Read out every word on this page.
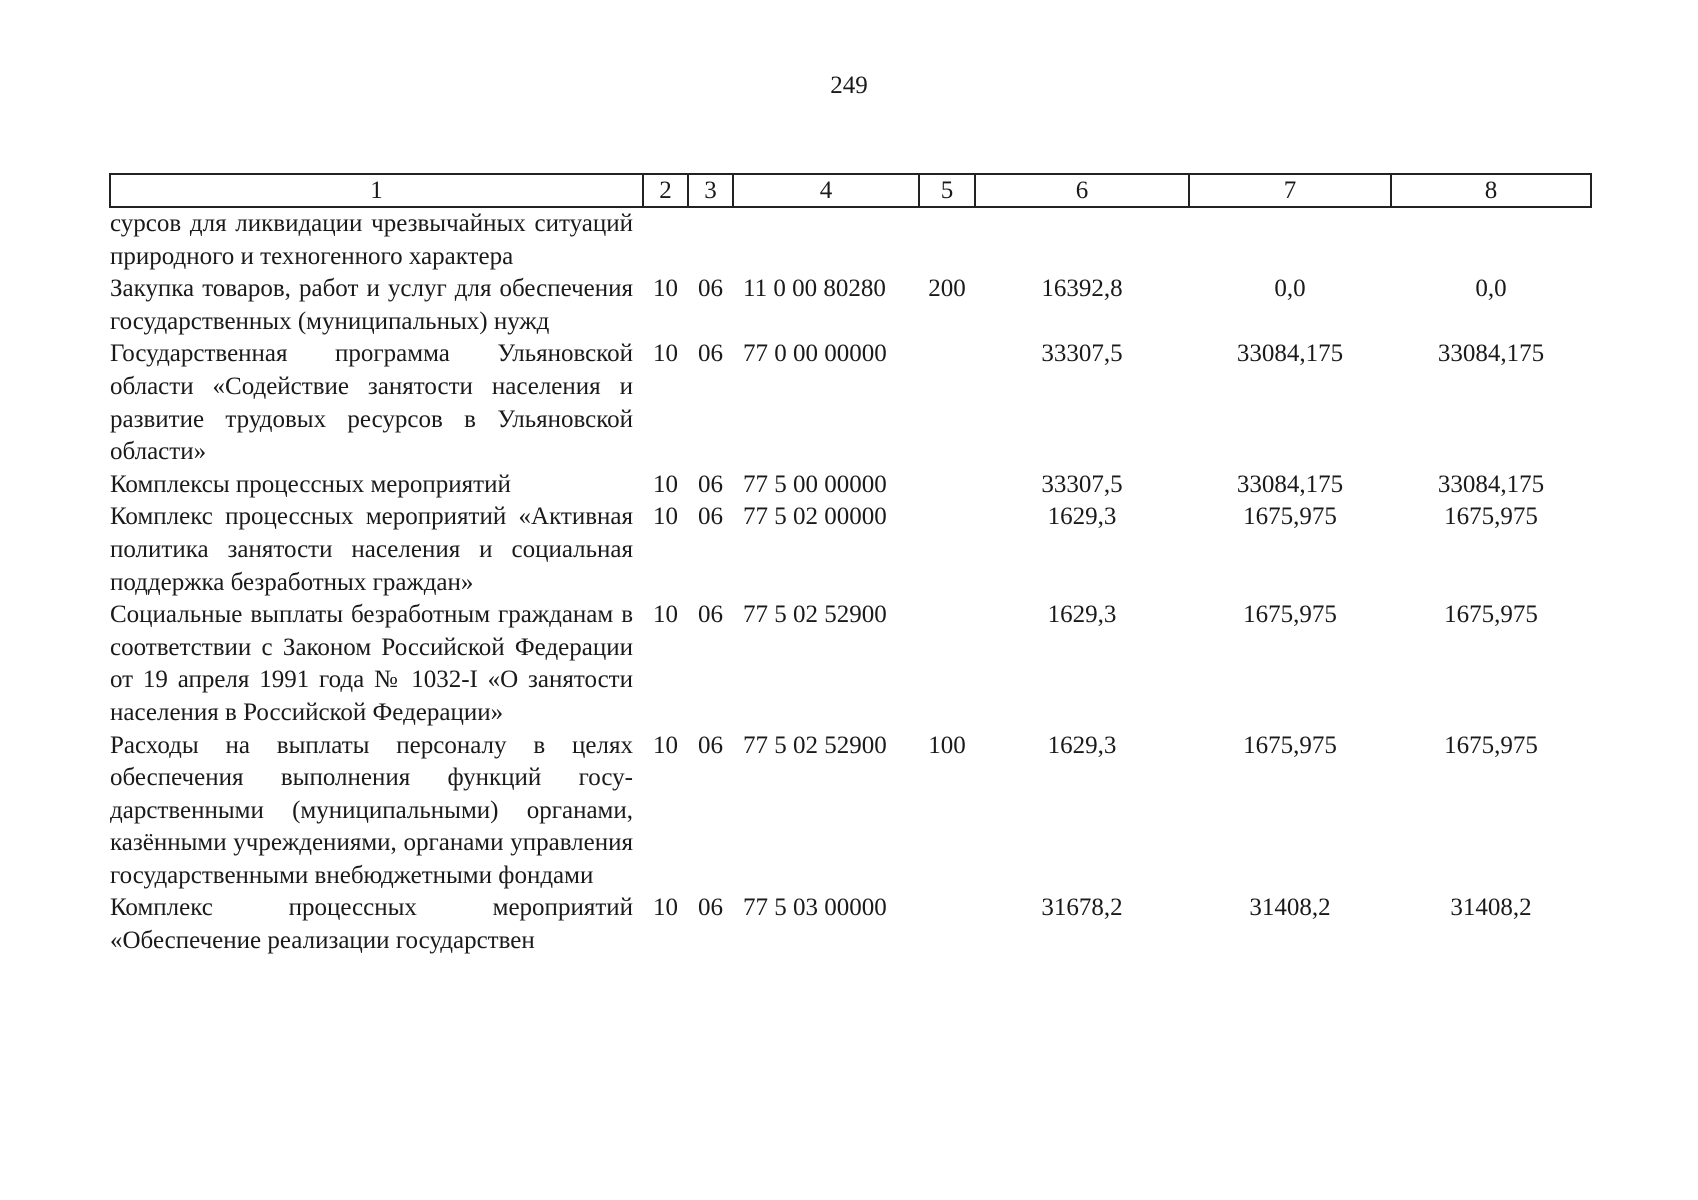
249
1	2	3	4	5	6	7	8
сурсов для ликвидации чрезвычайных ситуаций природного и техногенного характера							
Закупка товаров, работ и услуг для обеспечения государственных (муниципальных) нужд	10	06	11 0 00 80280	200	16392,8	0,0	0,0
Государственная программа Ульяновской области «Содействие занятости населения и развитие трудовых ресурсов в Ульяновской области»	10	06	77 0 00 00000		33307,5	33084,175	33084,175
Комплексы процессных мероприятий	10	06	77 5 00 00000		33307,5	33084,175	33084,175
Комплекс процессных мероприятий «Активная политика занятости населения и социальная поддержка безработных граждан»	10	06	77 5 02 00000		1629,3	1675,975	1675,975
Социальные выплаты безработным гражданам в соответствии с Законом Российской Федерации от 19 апреля 1991 года № 1032-I «О занятости населения в Российской Федерации»	10	06	77 5 02 52900		1629,3	1675,975	1675,975
Расходы на выплаты персоналу в целях обеспечения выполнения функций государственными (муниципальными) органами, казёнными учреждениями, органами управления государственными внебюджетными фондами	10	06	77 5 02 52900	100	1629,3	1675,975	1675,975
Комплекс процессных мероприятий «Обеспечение реализации государствен	10	06	77 5 03 00000		31678,2	31408,2	31408,2
